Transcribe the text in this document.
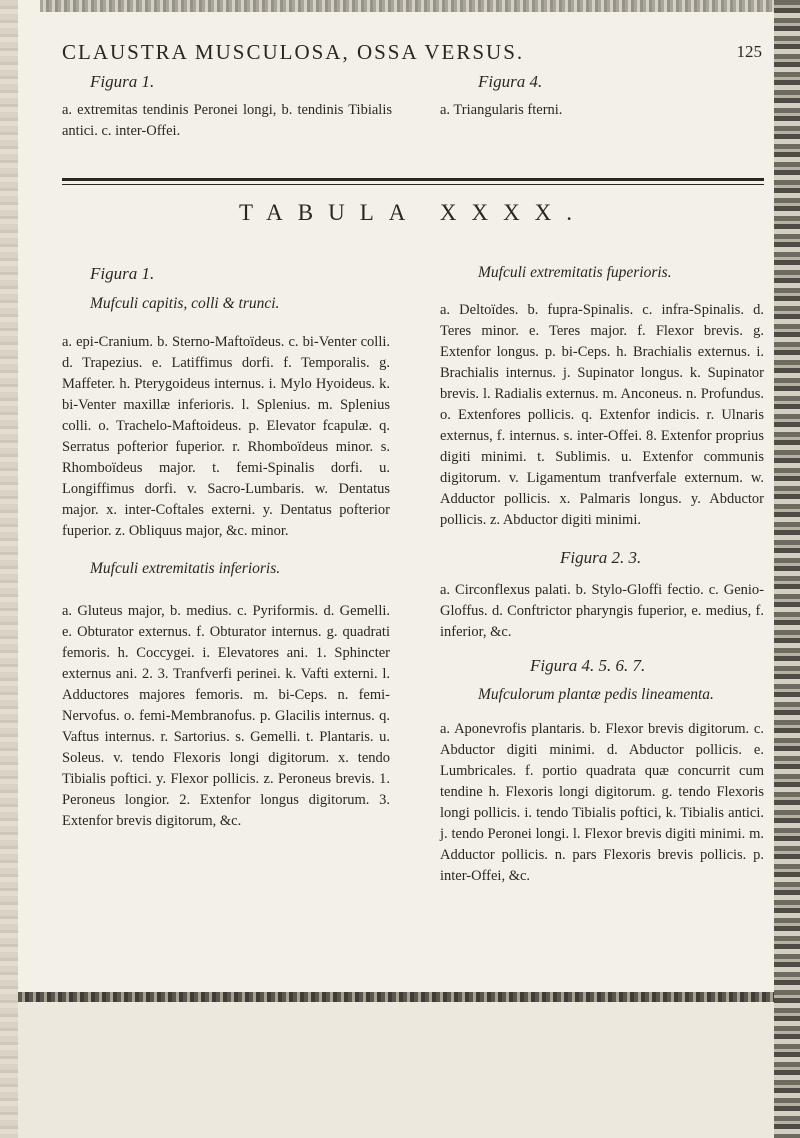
CLAUSTRA MUSCULOSA, OSSA VERSUS.	125
Figura 1.
a. extremitas tendinis Peronei longi, b. tendinis Tibialis antici. c. inter-Offei.
Figura 4.
a. Triangularis fterni.
TABULA XXXX.
Figura 1.
Mufculi capitis, colli & trunci.
a. epi-Cranium. b. Sterno-Maftoïdeus. c. bi-Venter colli. d. Trapezius. e. Latiffimus dorfi. f. Temporalis. g. Maffeter. h. Pterygoideus internus. i. Mylo Hyoideus. k. bi-Venter maxillæ inferioris. l. Splenius. m. Splenius colli. o. Trachelo-Maftoideus. p. Elevator fcapulæ. q. Serratus pofterior fuperior. r. Rhomboïdeus minor. s. Rhomboïdeus major. t. femi-Spinalis dorfi. u. Longiffimus dorfi. v. Sacro-Lumbaris. w. Dentatus major. x. inter-Coftales externi. y. Dentatus pofterior fuperior. z. Obliquus major, &c. minor.
Mufculi extremitatis inferioris.
a. Gluteus major, b. medius. c. Pyriformis. d. Gemelli. e. Obturator externus. f. Obturator internus. g. quadrati femoris. h. Coccygei. i. Elevatores ani. 1. Sphincter externus ani. 2. 3. Tranfverfi perinei. k. Vafti externi. l. Adductores majores femoris. m. bi-Ceps. n. femi-Nervofus. o. femi-Membranofus. p. Glacilis internus. q. Vaftus internus. r. Sartorius. s. Gemelli. t. Plantaris. u. Soleus. v. tendo Flexoris longi digitorum. x. tendo Tibialis poftici. y. Flexor pollicis. z. Peroneus brevis. 1. Peroneus longior. 2. Extenfor longus digitorum. 3. Extenfor brevis digitorum, &c.
Mufculi extremitatis fuperioris.
a. Deltoïdes. b. fupra-Spinalis. c. infra-Spinalis. d. Teres minor. e. Teres major. f. Flexor brevis. g. Extenfor longus. p. bi-Ceps. h. Brachialis externus. i. Brachialis internus. j. Supinator longus. k. Supinator brevis. l. Radialis externus. m. Anconeus. n. Profundus. o. Extenfores pollicis. q. Extenfor indicis. r. Ulnaris externus, f. internus. s. inter-Offei. 8. Extenfor proprius digiti minimi. t. Sublimis. u. Extenfor communis digitorum. v. Ligamentum tranfverfale externum. w. Adductor pollicis. x. Palmaris longus. y. Abductor pollicis. z. Abductor digiti minimi.
Figura 2. 3.
a. Circonflexus palati. b. Stylo-Gloffi fectio. c. Genio-Gloffus. d. Conftrictor pharyngis fuperior, e. medius, f. inferior, &c.
Figura 4. 5. 6. 7.
Mufculorum plantæ pedis lineamenta.
a. Aponevrofis plantaris. b. Flexor brevis digitorum. c. Abductor digiti minimi. d. Abductor pollicis. e. Lumbricales. f. portio quadrata quæ concurrit cum tendine h. Flexoris longi digitorum. g. tendo Flexoris longi pollicis. i. tendo Tibialis poftici, k. Tibialis antici. j. tendo Peronei longi. l. Flexor brevis digiti minimi. m. Adductor pollicis. n. pars Flexoris brevis pollicis. p. inter-Offei, &c.
